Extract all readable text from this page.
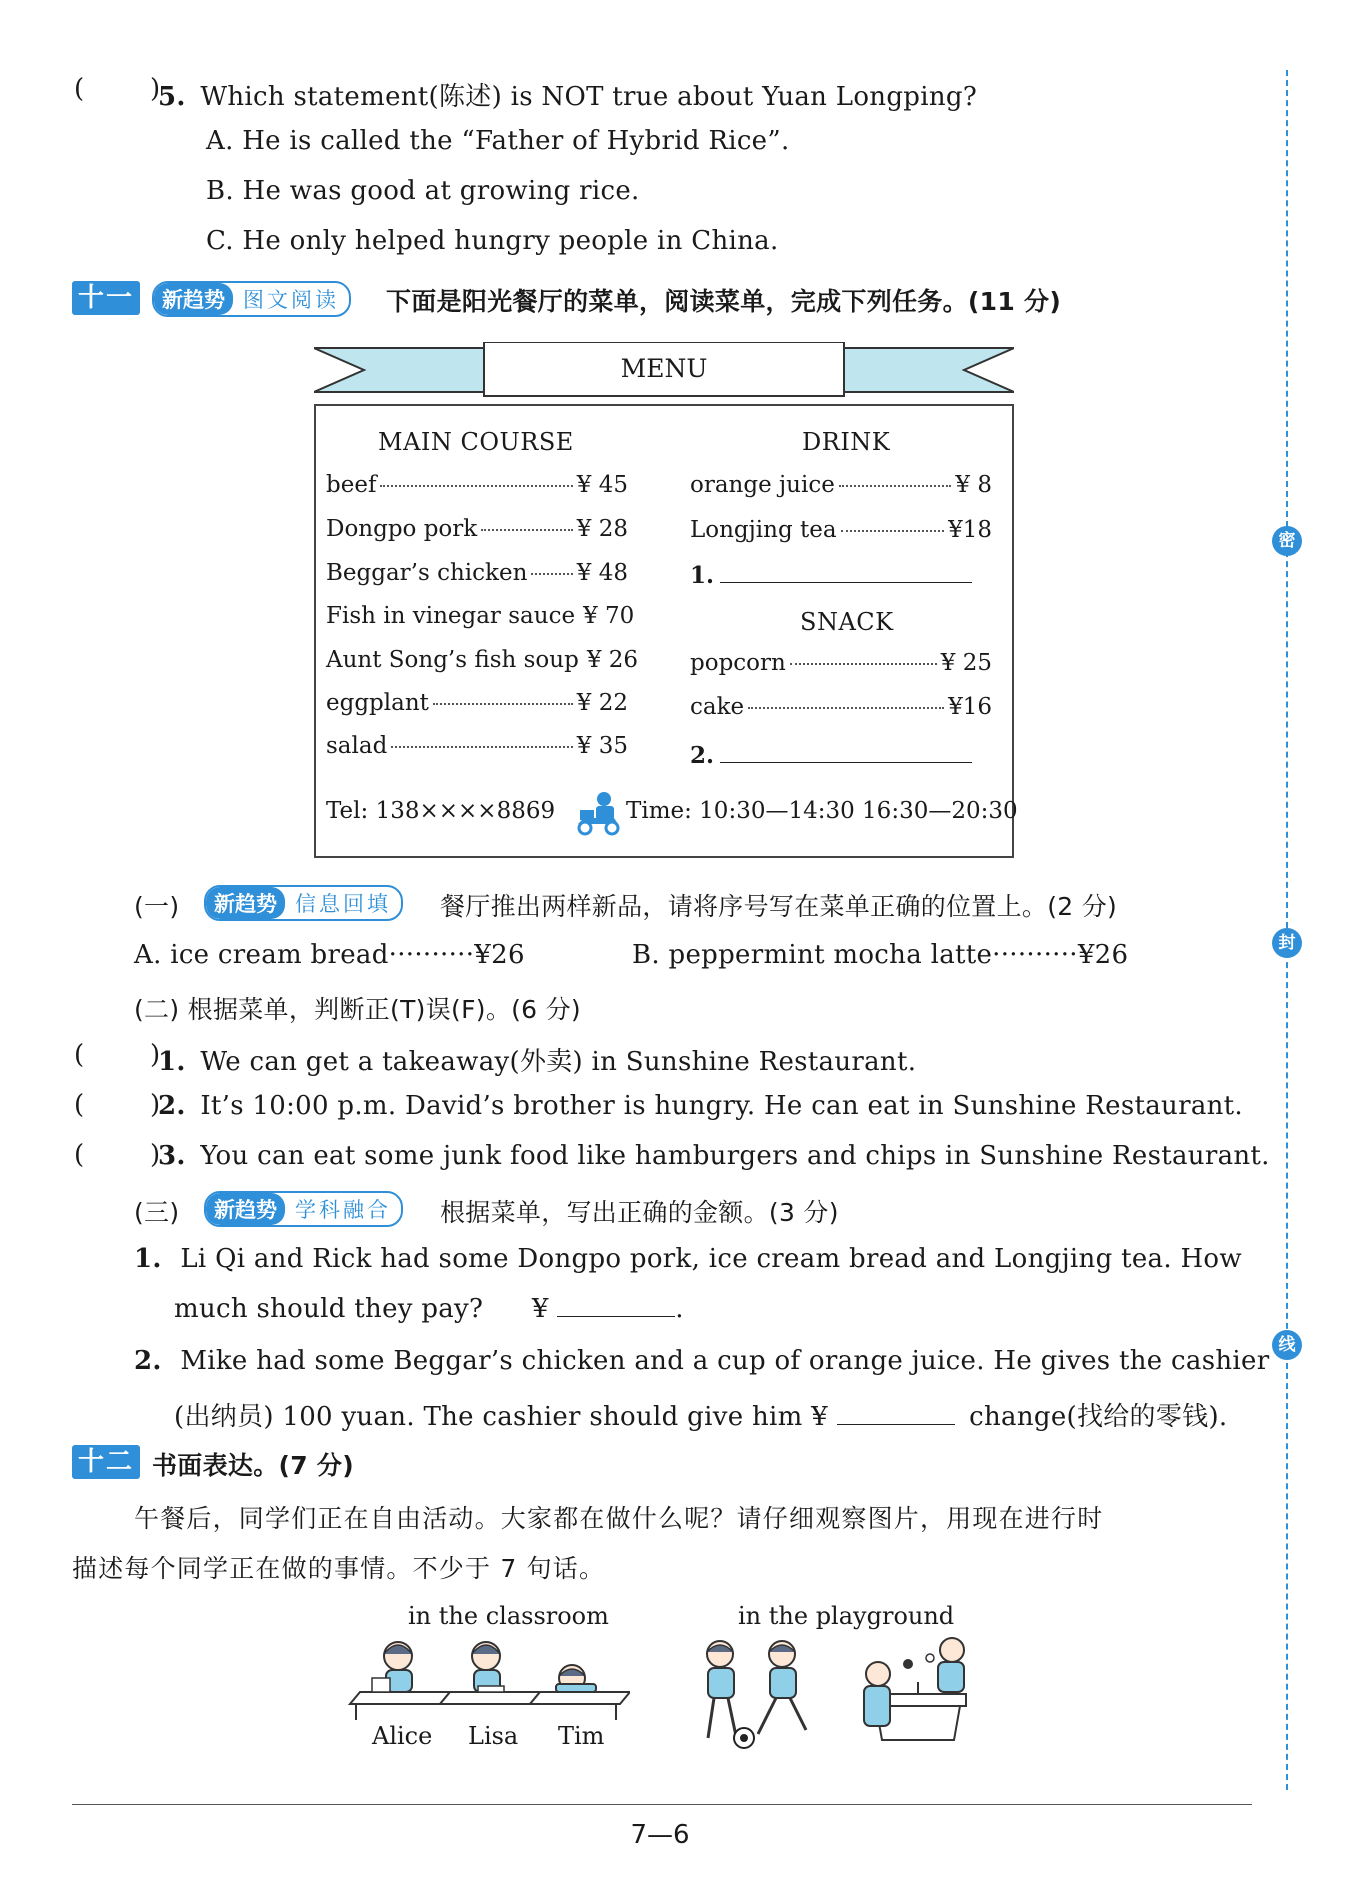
(	)
5. Which statement(陈述) is NOT true about Yuan Longping?
A. He is called the “Father of Hybrid Rice”.
B. He was good at growing rice.
C. He only helped hungry people in China.
十一	新趋势 图文阅读	下面是阳光餐厅的菜单，阅读菜单，完成下列任务。(11 分)
MENU
MAIN COURSE	DRINK
beef	¥ 45
Dongpo pork	¥ 28
Beggar’s chicken ¥ 48
Fish in vinegar sauce ¥ 70
Aunt Song’s fish soup ¥ 26
eggplant	¥ 22
salad	¥ 35
orange juice	¥ 8
Longjing tea	¥18
1.
SNACK
popcorn	¥ 25
cake	¥16
2.
Tel: 138××××8869	Time: 10:30—14:30 16:30—20:30
(一)	新趋势 信息回填	餐厅推出两样新品，请将序号写在菜单正确的位置上。(2 分)
A. ice cream bread··········¥26	B. peppermint mocha latte··········¥26
(二) 根据菜单，判断正(T)误(F)。(6 分)
(	)
1. We can get a takeaway(外卖) in Sunshine Restaurant.
(	)
2. It’s 10:00 p.m. David’s brother is hungry. He can eat in Sunshine Restaurant.
(	)
3. You can eat some junk food like hamburgers and chips in Sunshine Restaurant.
(三)	新趋势 学科融合	根据菜单，写出正确的金额。(3 分)
1. Li Qi and Rick had some Dongpo pork, ice cream bread and Longjing tea. How
much should they pay? ¥	.
2. Mike had some Beggar’s chicken and a cup of orange juice. He gives the cashier
(出纳员) 100 yuan. The cashier should give him ¥	change(找给的零钱).
十二 书面表达。(7 分)
午餐后，同学们正在自由活动。大家都在做什么呢？请仔细观察图片，用现在进行时
描述每个同学正在做的事情。不少于 7 句话。
in the classroom	in the playground
Alice Lisa Tim
密
封
线
7—6
